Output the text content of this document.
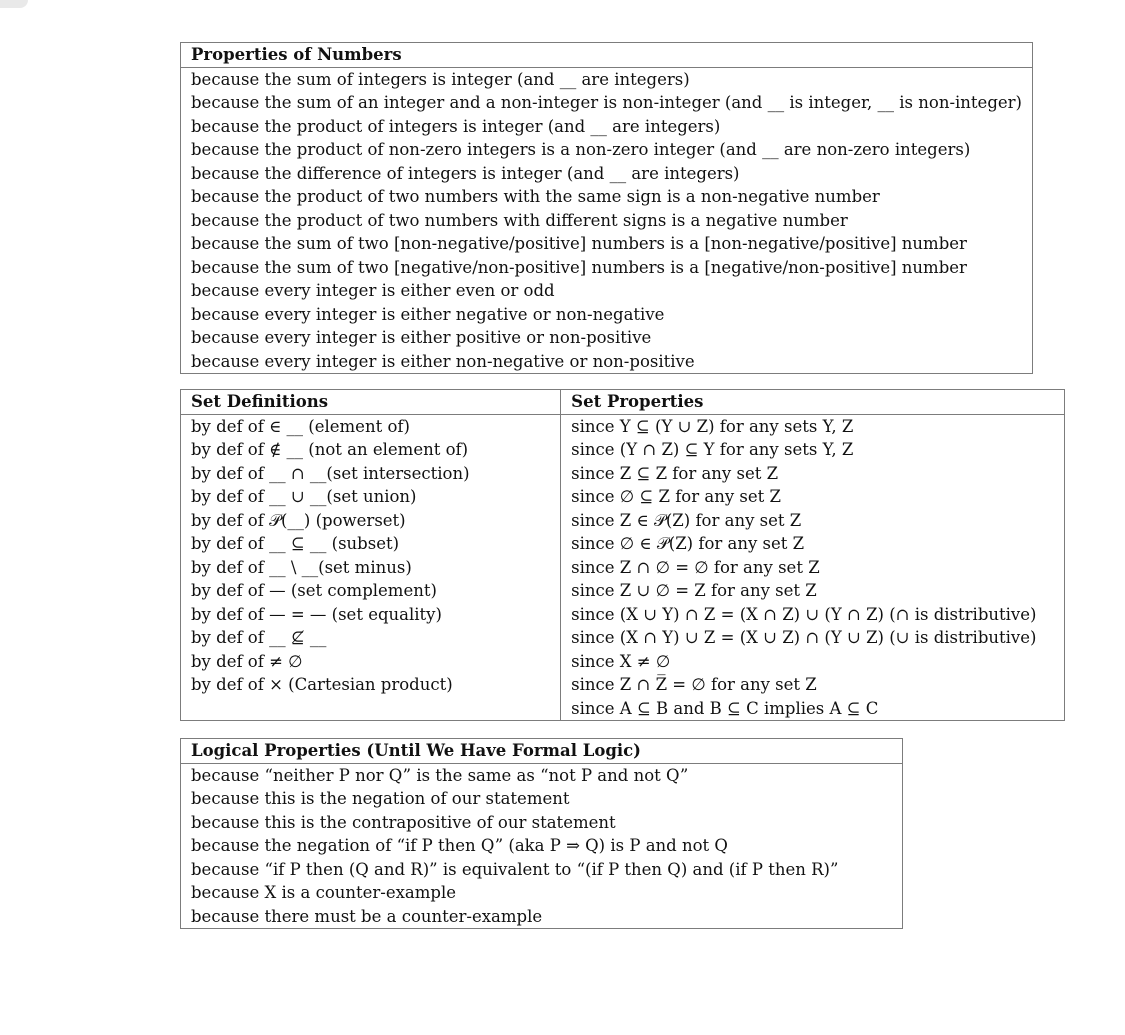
Properties of Numbers
because the sum of integers is integer (and __ are integers)
because the sum of an integer and a non-integer is non-integer (and __ is integer, __ is non-integer)
because the product of integers is integer (and __ are integers)
because the product of non-zero integers is a non-zero integer (and __ are non-zero integers)
because the difference of integers is integer (and __ are integers)
because the product of two numbers with the same sign is a non-negative number
because the product of two numbers with different signs is a negative number
because the sum of two [non-negative/positive] numbers is a [non-negative/positive] number
because the sum of two [negative/non-positive] numbers is a [negative/non-positive] number
because every integer is either even or odd
because every integer is either negative or non-negative
because every integer is either positive or non-positive
because every integer is either non-negative or non-positive
Set Definitions	Set Properties
by def of ∈ __ (element of)	since Y ⊆ (Y ∪ Z) for any sets Y, Z
by def of ∉ __ (not an element of)	since (Y ∩ Z) ⊆ Y for any sets Y, Z
by def of __ ∩ __(set intersection)	since Z ⊆ Z for any set Z
by def of __ ∪ __(set union)	since ∅ ⊆ Z for any set Z
by def of 𝒫(__) (powerset)	since Z ∈ 𝒫(Z) for any set Z
by def of __ ⊆ __ (subset)	since ∅ ∈ 𝒫(Z) for any set Z
by def of __ \ __(set minus)	since Z ∩ ∅ = ∅ for any set Z
by def of — (set complement)	since Z ∪ ∅ = Z for any set Z
by def of — = — (set equality)	since (X ∪ Y) ∩ Z = (X ∩ Z) ∪ (Y ∩ Z) (∩ is distributive)
by def of __ ⊈ __	since (X ∩ Y) ∪ Z = (X ∪ Z) ∩ (Y ∪ Z) (∪ is distributive)
by def of ≠ ∅	since X ≠ ∅
by def of × (Cartesian product)	since Z ∩ Z̅ = ∅ for any set Z
	since A ⊆ B and B ⊆ C implies A ⊆ C
Logical Properties (Until We Have Formal Logic)
because “neither P nor Q” is the same as “not P and not Q”
because this is the negation of our statement
because this is the contrapositive of our statement
because the negation of “if P then Q” (aka P ⇒ Q) is P and not Q
because “if P then (Q and R)” is equivalent to “(if P then Q) and (if P then R)”
because X is a counter-example
because there must be a counter-example
